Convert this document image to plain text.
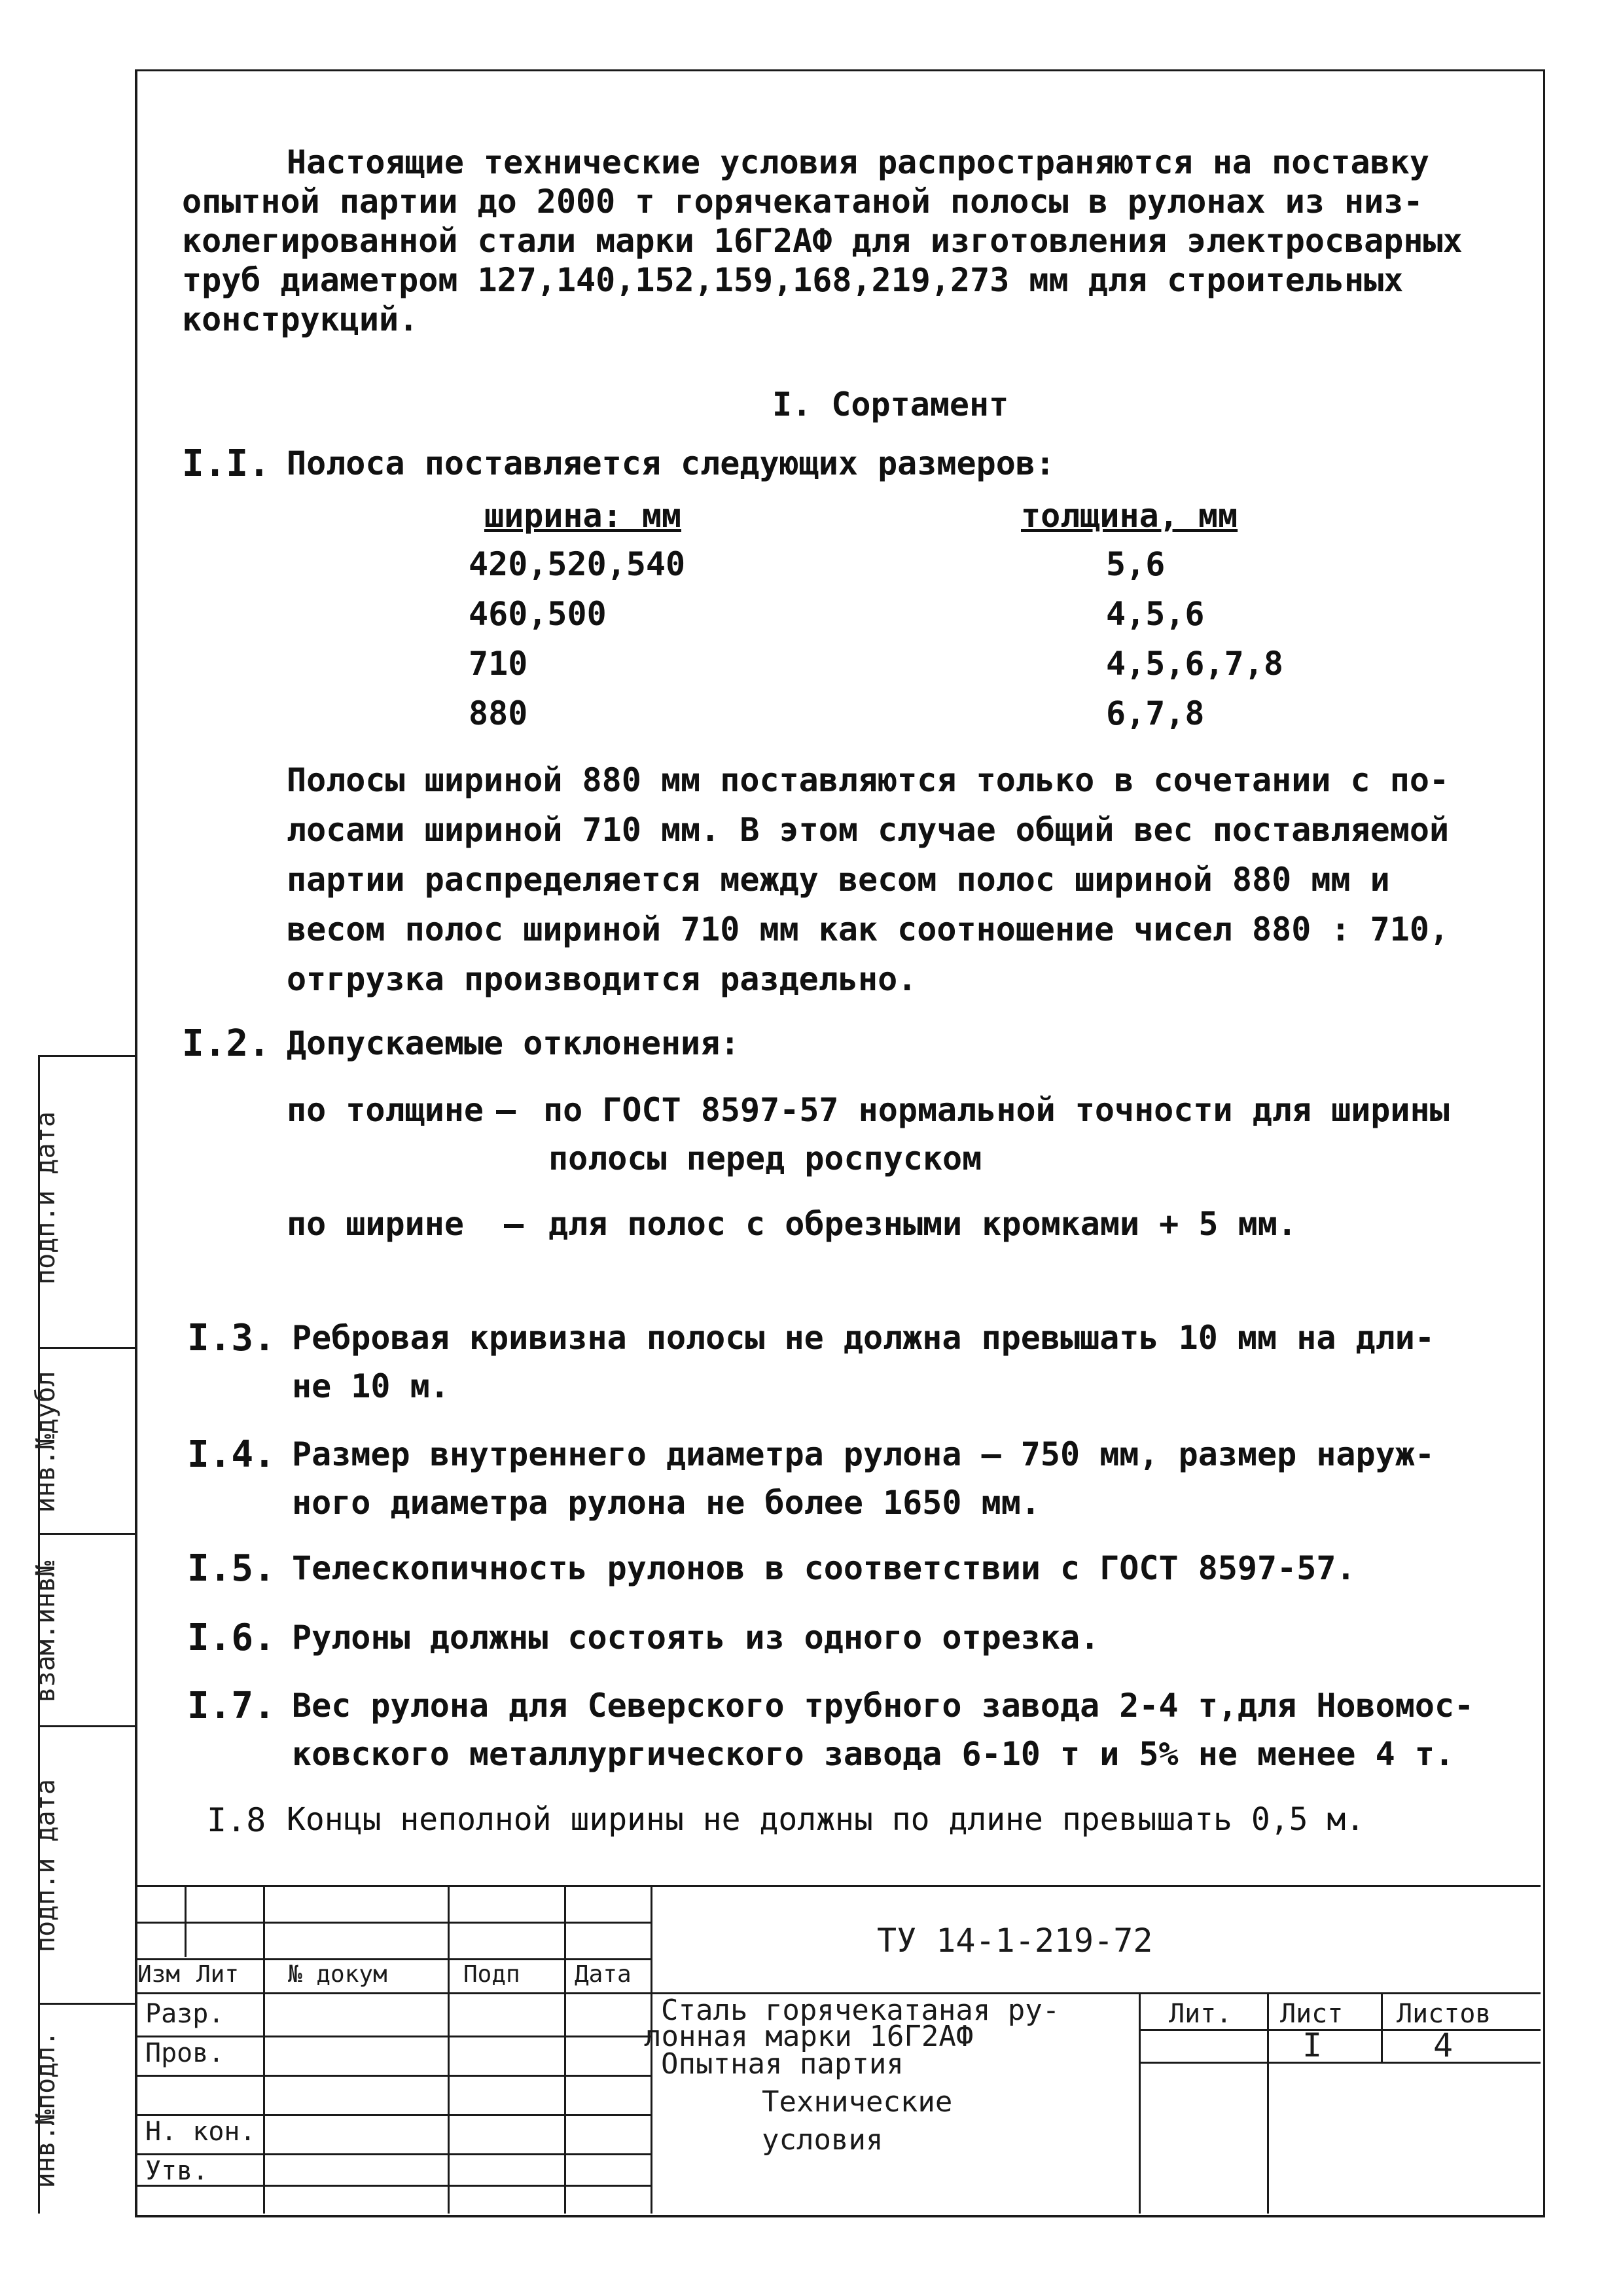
Настоящие технические условия распространяются на поставку

опытной партии до 2000 т горячекатаной полосы в рулонах из низ-

колегированной стали марки 16Г2АФ для изготовления электросварных

труб диаметром 127,140,152,159,168,219,273 мм для строительных

конструкций.

I. Сортамент
I.I. Полоса поставляется следующих размеров:
ширина: мм	толщина, мм
420,520,540	5,6
460,500	4,5,6
710	4,5,6,7,8
880	6,7,8
Полосы шириной 880 мм поставляются только в сочетании с по-
лосами шириной 710 мм. В этом случае общий вес поставляемой
партии распределяется между весом полос шириной 880 мм и
весом полос шириной 710 мм как соотношение чисел 880 : 710,
отгрузка производится раздельно.
I.2. Допускаемые отклонения:
по толщине – по ГОСТ 8597-57 нормальной точности для ширины
полосы перед роспуском
по ширине – для полос с обрезными кромками + 5 мм.
I.3. Ребровая кривизна полосы не должна превышать 10 мм на дли-
не 10 м.
I.4. Размер внутреннего диаметра рулона – 750 мм, размер наруж-
ного диаметра рулона не более 1650 мм.
I.5. Телескопичность рулонов в соответствии с ГОСТ 8597-57.
I.6. Рулоны должны состоять из одного отрезка.
I.7. Вес рулона для Северского трубного завода 2-4 т,для Новомос-
ковского металлургического завода 6-10 т и 5% не менее 4 т.
I.8 Концы неполной ширины не должны по длине превышать 0,5 м.
подп.и дата
инв.№дубл
взам.инв№
подп.и дата
инв.№подл.
ТУ 14-1-219-72
Изм Лит № докум	Подп Дата
Разр.
Пров.
Н. кон.
Утв.
Сталь горячекатаная ру-
лонная марки 16Г2АФ
Опытная партия
Технические
условия
Лит. Лист Листов
I	4
